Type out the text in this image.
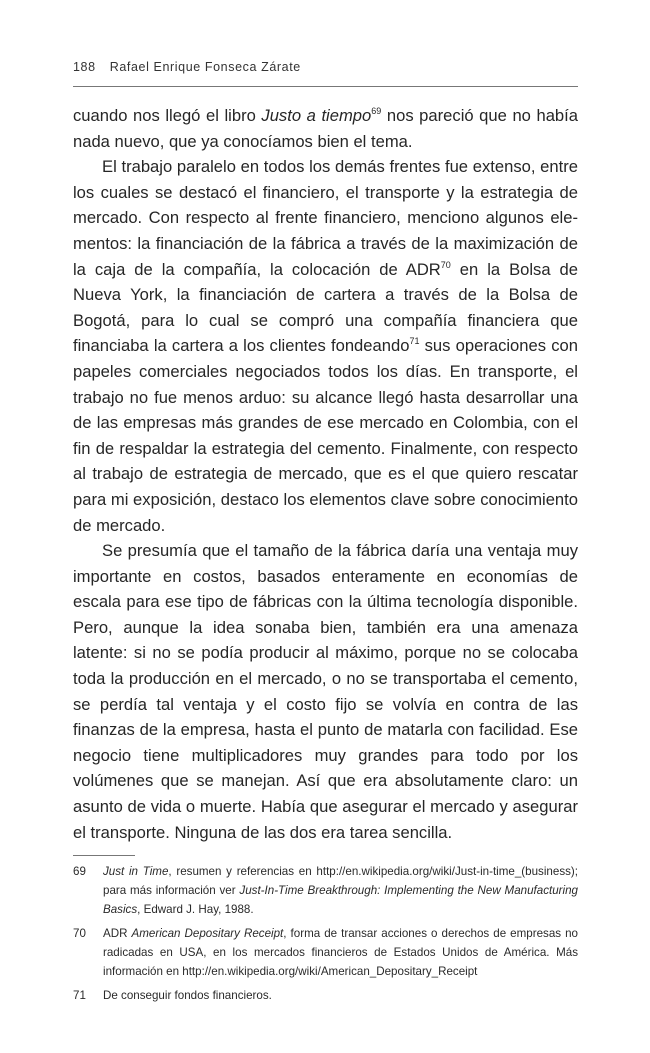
188 Rafael Enrique Fonseca Zárate

cuando nos llegó el libro Justo a tiempo$^{69}$ nos pareció que no había nada nuevo, que ya conocíamos bien el tema.

El trabajo paralelo en todos los demás frentes fue extenso, entre los cuales se destacó el financiero, el transporte y la estrategia de mercado. Con respecto al frente financiero, menciono algunos elementos: la financiación de la fábrica a través de la maximización de la caja de la compañía, la colocación de ADR$^{70}$ en la Bolsa de Nueva York, la financiación de cartera a través de la Bolsa de Bogotá, para lo cual se compró una compañía financiera que financiaba la cartera a los clientes fondeando$^{71}$ sus operaciones con papeles comerciales negociados todos los días. En transporte, el trabajo no fue menos arduo: su alcance llegó hasta desarrollar una de las empresas más grandes de ese mercado en Colombia, con el fin de respaldar la estrategia del cemento. Finalmente, con respecto al trabajo de estrategia de mercado, que es el que quiero rescatar para mi exposición, destaco los elementos clave sobre conocimiento de mercado.

Se presumía que el tamaño de la fábrica daría una ventaja muy importante en costos, basados enteramente en economías de escala para ese tipo de fábricas con la última tecnología disponible. Pero, aunque la idea sonaba bien, también era una amenaza latente: si no se podía producir al máximo, porque no se colocaba toda la producción en el mercado, o no se transportaba el cemento, se perdía tal ventaja y el costo fijo se volvía en contra de las finanzas de la empresa, hasta el punto de matarla con facilidad. Ese negocio tiene multiplicadores muy grandes para todo por los volúmenes que se manejan. Así que era absolutamente claro: un asunto de vida o muerte. Había que asegurar el mercado y asegurar el transporte. Ninguna de las dos era tarea sencilla.

69	Just in Time, resumen y referencias en http://en.wikipedia.org/wiki/Just-in-time_(business); para más información ver Just-In-Time Breakthrough: Implementing the New Manufacturing Basics, Edward J. Hay, 1988.
70	ADR American Depositary Receipt, forma de transar acciones o derechos de empresas no radicadas en USA, en los mercados financieros de Estados Unidos de América. Más información en http://en.wikipedia.org/wiki/American_Depositary_Receipt
71	De conseguir fondos financieros.
